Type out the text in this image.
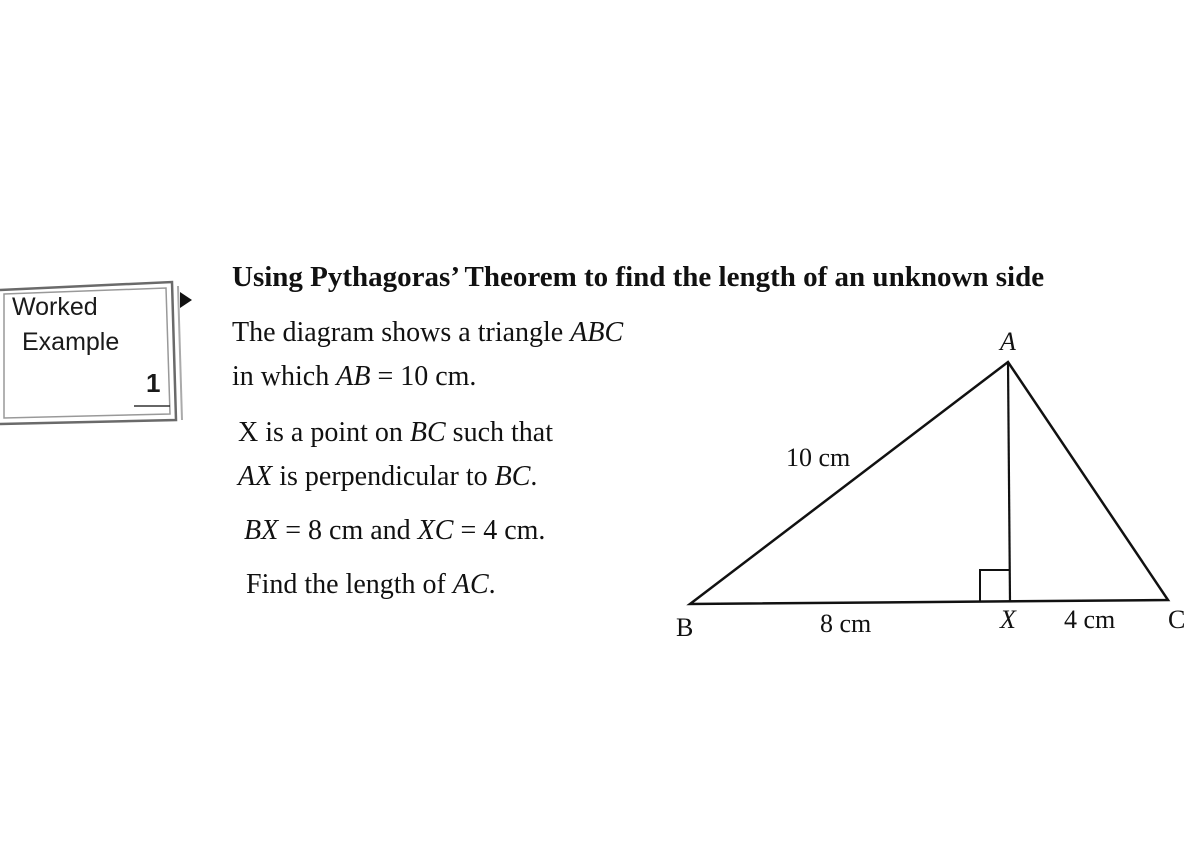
Worked
Example
1
Using Pythagoras’ Theorem to find the length of an unknown side
The diagram shows a triangle ABC
in which AB = 10 cm.
X is a point on BC such that
AX is perpendicular to BC.
BX = 8 cm and XC = 4 cm.
Find the length of AC.
A
B	C
X
10 cm
8 cm	4 cm
